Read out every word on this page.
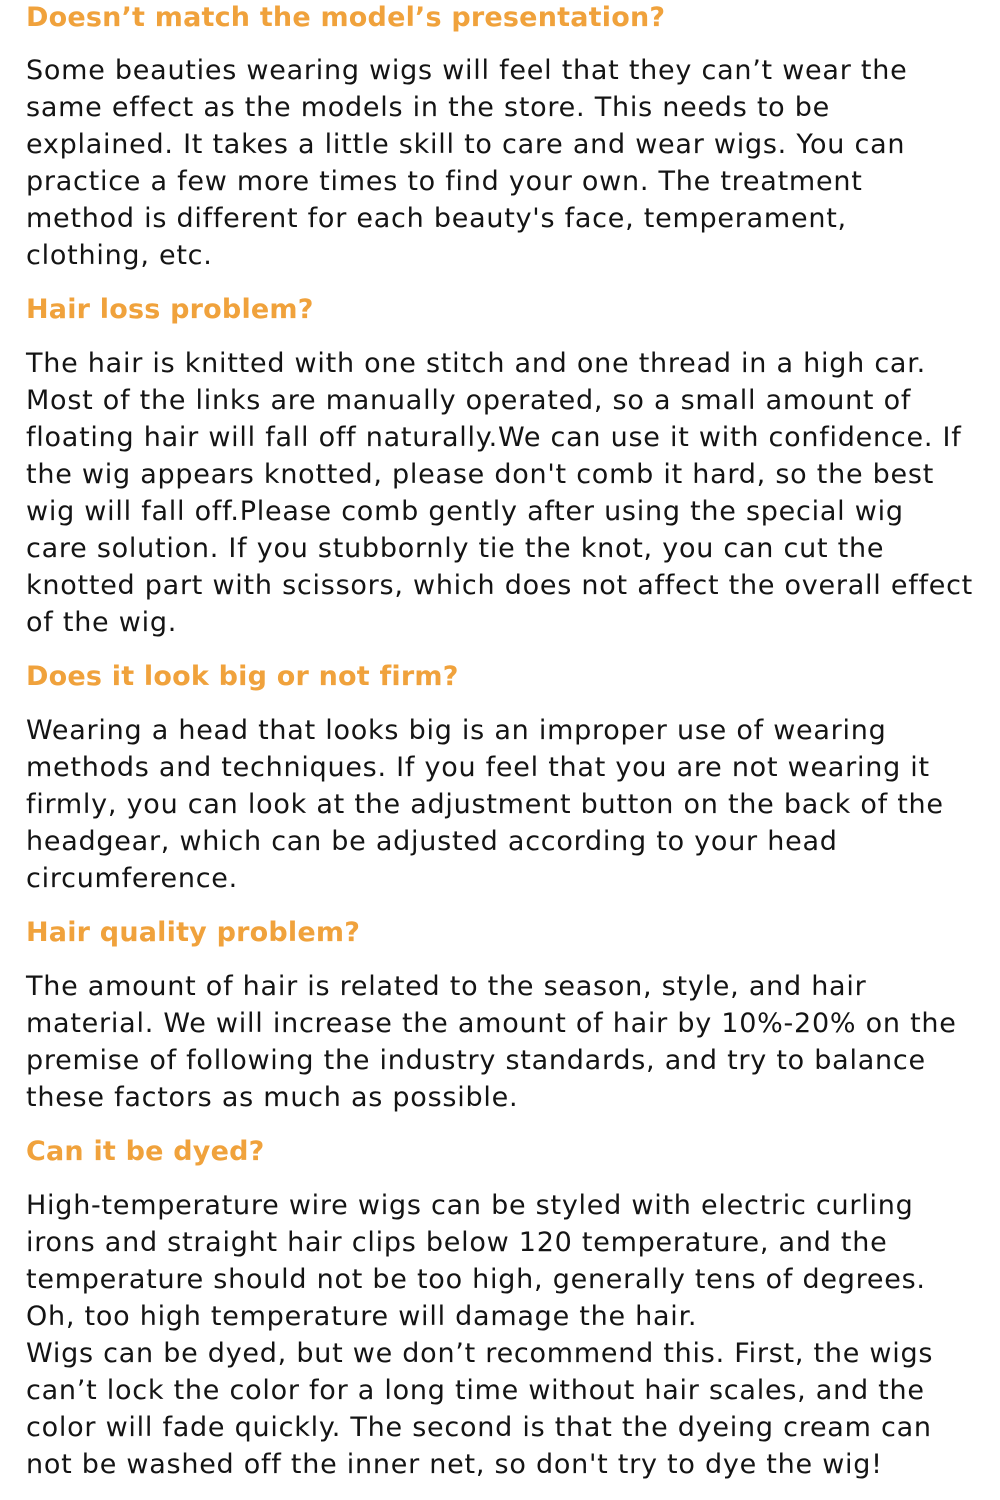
Doesn’t match the model’s presentation?

Some beauties wearing wigs will feel that they can’t wear the
same effect as the models in the store. This needs to be
explained. It takes a little skill to care and wear wigs. You can
practice a few more times to find your own. The treatment
method is different for each beauty's face, temperament,
clothing, etc.

Hair loss problem?

The hair is knitted with one stitch and one thread in a high car.
Most of the links are manually operated, so a small amount of
floating hair will fall off naturally.We can use it with confidence. If
the wig appears knotted, please don't comb it hard, so the best
wig will fall off.Please comb gently after using the special wig
care solution. If you stubbornly tie the knot, you can cut the
knotted part with scissors, which does not affect the overall effect
of the wig.

Does it look big or not firm?

Wearing a head that looks big is an improper use of wearing
methods and techniques. If you feel that you are not wearing it
firmly, you can look at the adjustment button on the back of the
headgear, which can be adjusted according to your head
circumference.

Hair quality problem?

The amount of hair is related to the season, style, and hair
material. We will increase the amount of hair by 10%-20% on the
premise of following the industry standards, and try to balance
these factors as much as possible.

Can it be dyed?

High-temperature wire wigs can be styled with electric curling
irons and straight hair clips below 120 temperature, and the
temperature should not be too high, generally tens of degrees.
Oh, too high temperature will damage the hair.
Wigs can be dyed, but we don’t recommend this. First, the wigs
can’t lock the color for a long time without hair scales, and the
color will fade quickly. The second is that the dyeing cream can
not be washed off the inner net, so don't try to dye the wig!
